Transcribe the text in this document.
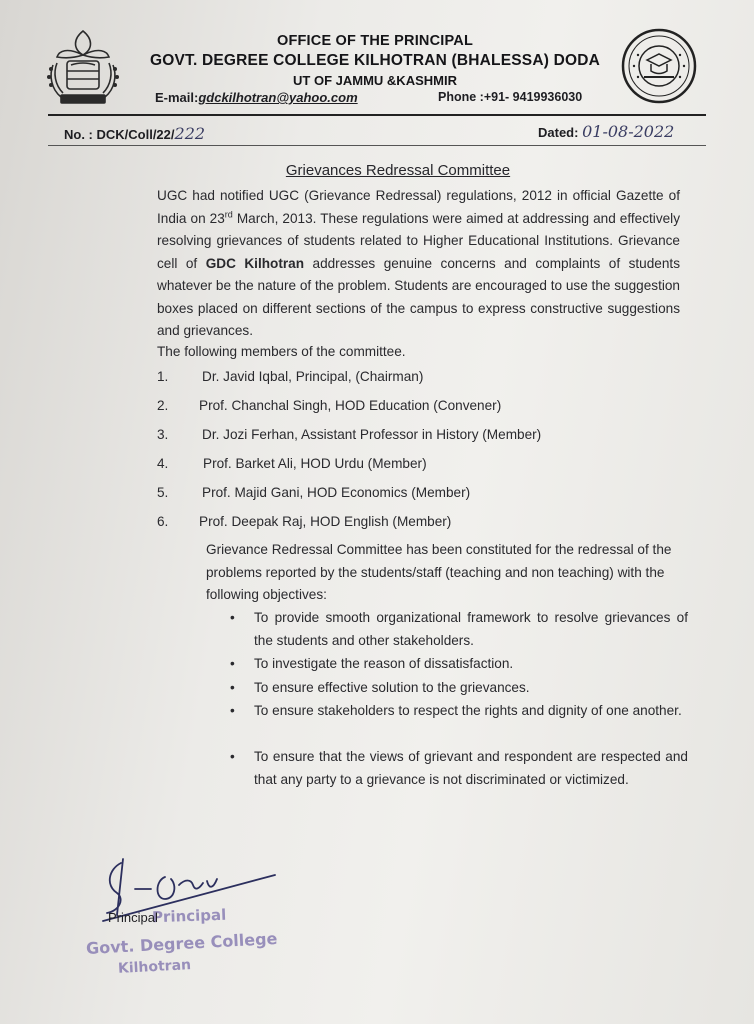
OFFICE OF THE PRINCIPAL
GOVT. DEGREE COLLEGE KILHOTRAN (BHALESSA) DODA
UT OF JAMMU &KASHMIR
E-mail:gdckilhotran@yahoo.com	Phone :+91- 9419936030
No. : DCK/Coll/22/222	Dated: 01-08-2022
Grievances Redressal Committee
UGC had notified UGC (Grievance Redressal) regulations, 2012 in official Gazette of India on 23rd March, 2013. These regulations were aimed at addressing and effectively resolving grievances of students related to Higher Educational Institutions. Grievance cell of GDC Kilhotran addresses genuine concerns and complaints of students whatever be the nature of the problem. Students are encouraged to use the suggestion boxes placed on different sections of the campus to express constructive suggestions and grievances.
The following members of the committee.
1. Dr. Javid Iqbal, Principal, (Chairman)
2. Prof. Chanchal Singh, HOD Education (Convener)
3. Dr. Jozi Ferhan, Assistant Professor in History (Member)
4.	Prof. Barket Ali, HOD Urdu (Member)
5. Prof. Majid Gani, HOD Economics (Member)
6. Prof. Deepak Raj, HOD English (Member)
Grievance Redressal Committee has been constituted for the redressal of the problems reported by the students/staff (teaching and non teaching) with the following objectives:
• To provide smooth organizational framework to resolve grievances of the students and other stakeholders.
• To investigate the reason of dissatisfaction.
• To ensure effective solution to the grievances.
• To ensure stakeholders to respect the rights and dignity of one another.
• To ensure that the views of grievant and respondent are respected and that any party to a grievance is not discriminated or victimized.
Principal
Principal
Govt. Degree College
Kilhotran
